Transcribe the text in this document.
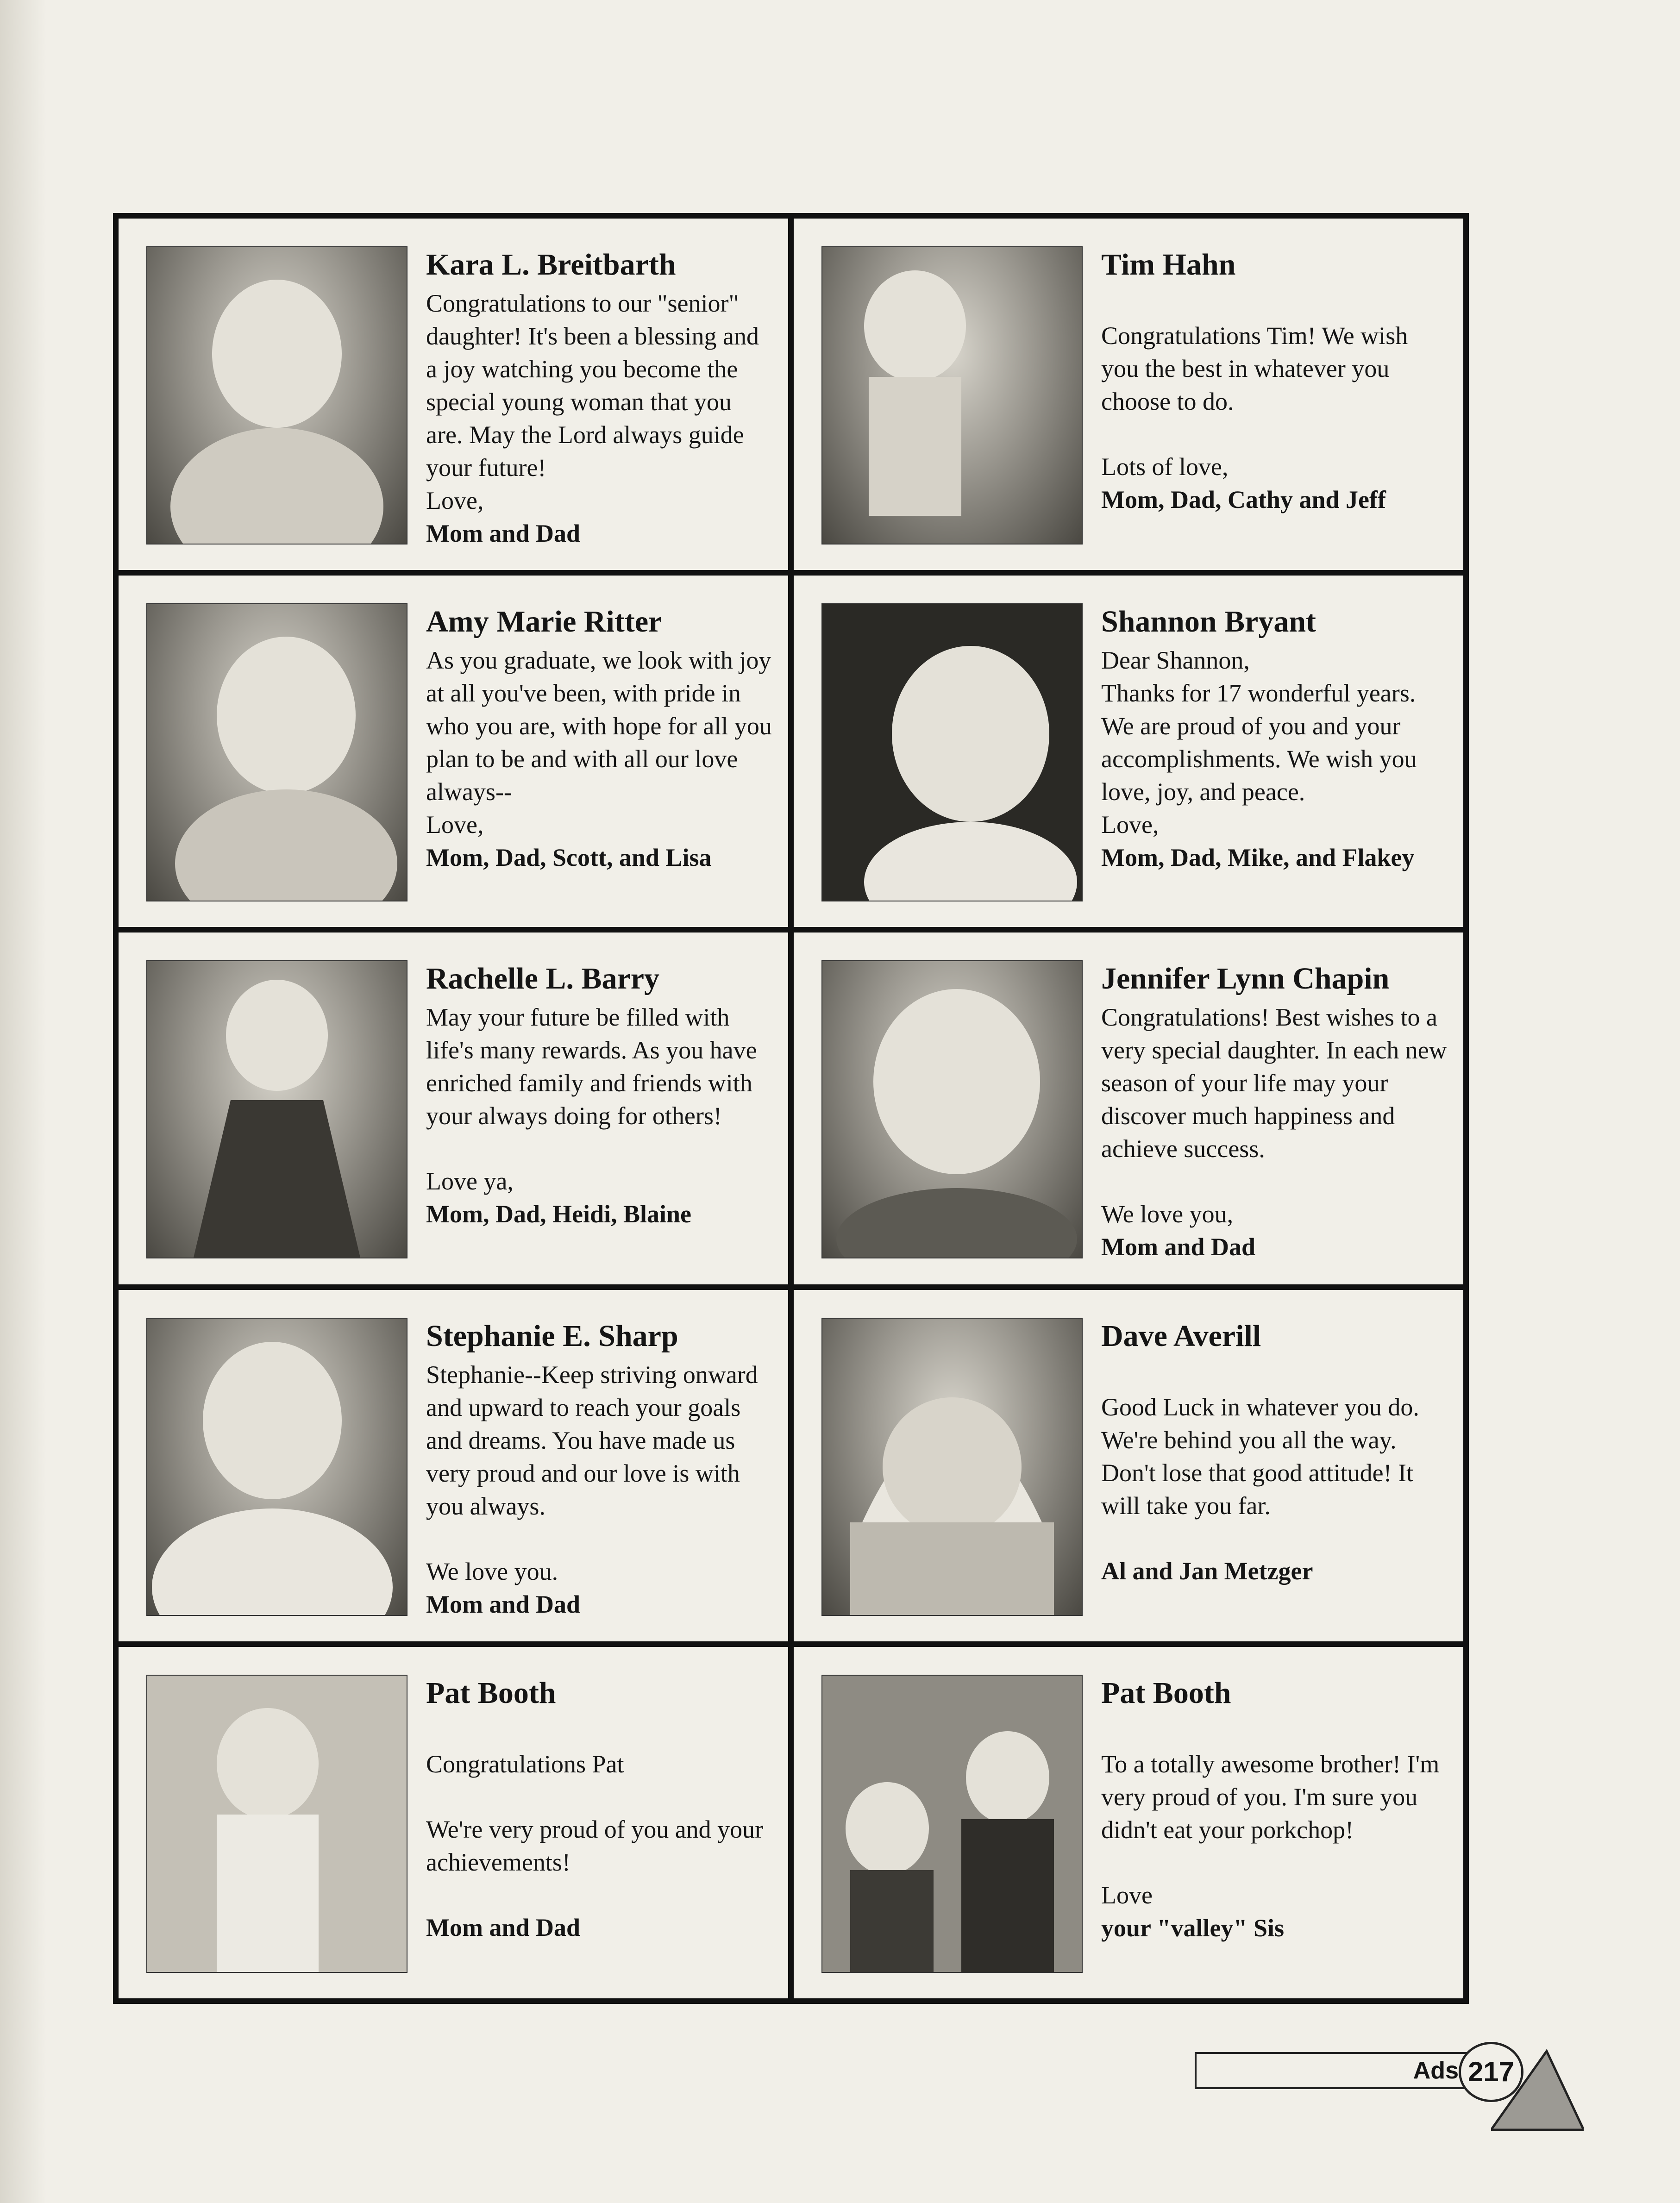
Kara L. Breitbarth

Congratulations to our "senior" daughter! It's been a blessing and a joy watching you become the special young woman that you are. May the Lord always guide your future!

Love,

Mom and Dad
Tim Hahn

Congratulations Tim! We wish you the best in whatever you choose to do.

Lots of love,

Mom, Dad, Cathy and Jeff
Amy Marie Ritter

As you graduate, we look with joy at all you've been, with pride in who you are, with hope for all you plan to be and with all our love always--

Love,

Mom, Dad, Scott, and Lisa
Shannon Bryant

Dear Shannon,

Thanks for 17 wonderful years. We are proud of you and your accomplishments. We wish you love, joy, and peace.

Love,

Mom, Dad, Mike, and Flakey
Rachelle L. Barry

May your future be filled with life's many rewards. As you have enriched family and friends with your always doing for others!

Love ya,

Mom, Dad, Heidi, Blaine
Jennifer Lynn Chapin

Congratulations! Best wishes to a very special daughter. In each new season of your life may your discover much happiness and achieve success.

We love you,

Mom and Dad
Stephanie E. Sharp

Stephanie--Keep striving onward and upward to reach your goals and dreams. You have made us very proud and our love is with you always.

We love you.

Mom and Dad
Dave Averill

Good Luck in whatever you do. We're behind you all the way. Don't lose that good attitude! It will take you far.

Al and Jan Metzger
Pat Booth

Congratulations Pat

We're very proud of you and your achievements!

Mom and Dad
Pat Booth

To a totally awesome brother! I'm very proud of you. I'm sure you didn't eat your porkchop!

Love

your "valley" Sis
Ads 217
